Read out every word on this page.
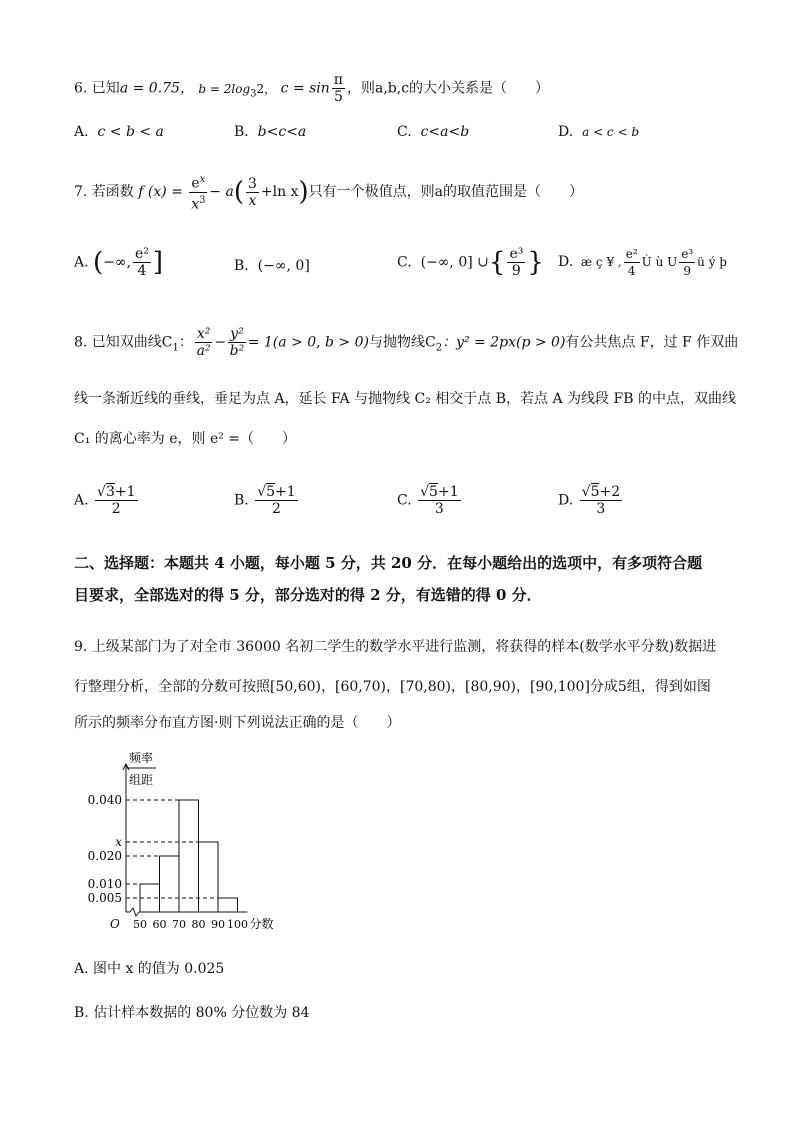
6. 已知a = 0.75， $b = 2\log_32$， $c = \sin \frac{\pi}{5}$ ，则a,b,c的大小关系是（　　）
A. c < b < a	B. b<c<a	C. c<a<b	D. a < c < b
7. 若函数 f $(x) = \frac{e^x}{x^3} - a( \frac{3}{x} +\ln$ x)只有一个极值点，则a的取值范围是（　　）
A. (−∞, $\frac{\text{e²}}{4}$ ]	B. (−∞, 0]	C. (−∞, 0] ∪{ $\frac{\text{e³}}{9}$ } D. æ ç ¥ , $\frac{\text{e²}}{4}$ Ù ù U $\frac{\text{e³}}{9}$ ü ý þ
8. 已知双曲线$C_1$： $\frac{\text{x²}}{\text{a²}} - \frac{\text{y²}}{\text{b²}} = 1(a > 0$, b > 0)与抛物线$C_2$：y² = 2px(p > 0)有公共焦点 F，过 F 作双曲
线一条渐近线的垂线，垂足为点 A，延长 FA 与抛物线 C₂ 相交于点 B，若点 A 为线段 FB 的中点，双曲线
C₁ 的离心率为 e，则 e² =（　　）
A. $\frac{√3+1}{2}$	B. $\frac{√5+1}{2}$	C. $\frac{√5+1}{3}$	D. $\frac{√5+2}{3}$
二、选择题：本题共 4 小题，每小题 5 分，共 20 分．在每小题给出的选项中，有多项符合题
目要求，全部选对的得 5 分，部分选对的得 2 分，有选错的得 0 分．
9. 上级某部门为了对全市 36000 名初二学生的数学水平进行监测，将获得的样本(数学水平分数)数据进
行整理分析，全部的分数可按照[50,60)，[60,70)，[70,80)，[80,90)，[90,100]分成5组，得到如图
所示的频率分布直方图·则下列说法正确的是（　　）
频率
组距
0.040
x
0.020
0.010
0.005
50 60 70 80 90 100 分数
O
A. 图中 x 的值为 0.025
B. 估计样本数据的 80% 分位数为 84
